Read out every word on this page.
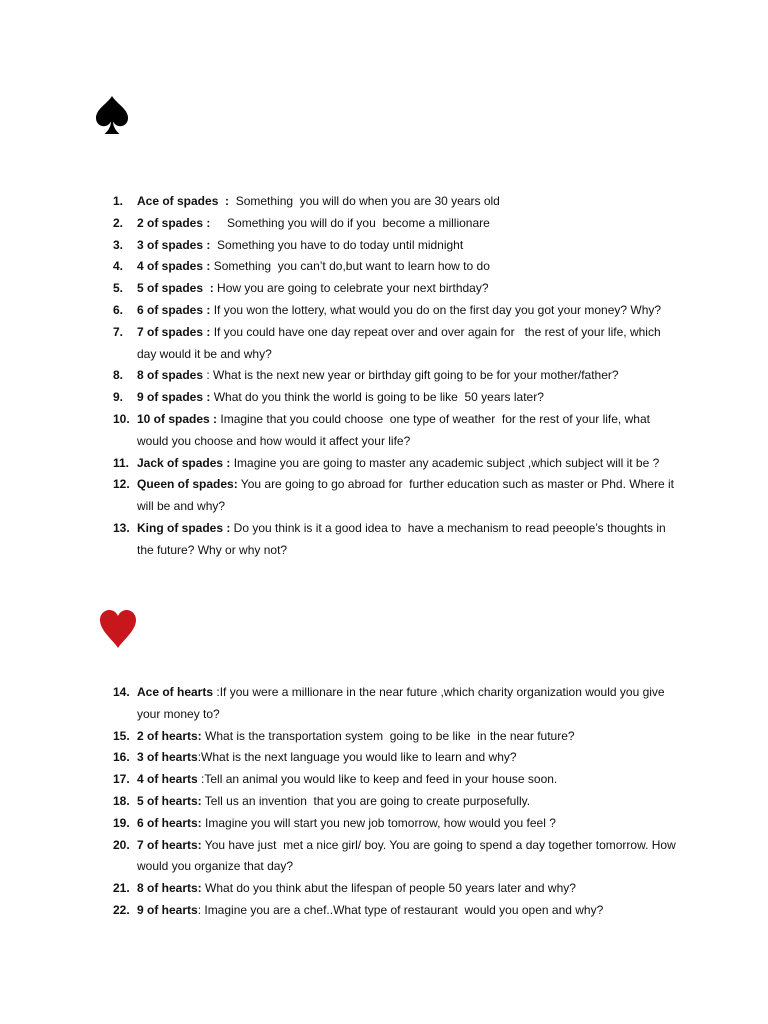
1. Ace of spades  :  Something  you will do when you are 30 years old
2. 2 of spades :     Something you will do if you  become a millionare
3. 3 of spades :  Something you have to do today until midnight
4. 4 of spades : Something  you can’t do,but want to learn how to do
5. 5 of spades  : How you are going to celebrate your next birthday?
6. 6 of spades : If you won the lottery, what would you do on the first day you got your money? Why?
7. 7 of spades : If you could have one day repeat over and over again for   the rest of your life, which day would it be and why?
8. 8 of spades : What is the next new year or birthday gift going to be for your mother/father?
9. 9 of spades : What do you think the world is going to be like  50 years later?
10. 10 of spades : Imagine that you could choose  one type of weather  for the rest of your life, what would you choose and how would it affect your life?
11. Jack of spades : Imagine you are going to master any academic subject ,which subject will it be ?
12. Queen of spades: You are going to go abroad for  further education such as master or Phd. Where it will be and why?
13. King of spades : Do you think is it a good idea to  have a mechanism to read peeople’s thoughts in the future? Why or why not?
14. Ace of hearts :If you were a millionare in the near future ,which charity organization would you give your money to?
15. 2 of hearts: What is the transportation system  going to be like  in the near future?
16. 3 of hearts:What is the next language you would like to learn and why?
17. 4 of hearts :Tell an animal you would like to keep and feed in your house soon.
18. 5 of hearts: Tell us an invention  that you are going to create purposefully.
19. 6 of hearts: Imagine you will start you new job tomorrow, how would you feel ?
20. 7 of hearts: You have just  met a nice girl/ boy. You are going to spend a day together tomorrow. How would you organize that day?
21. 8 of hearts: What do you think abut the lifespan of people 50 years later and why?
22. 9 of hearts: Imagine you are a chef..What type of restaurant  would you open and why?
